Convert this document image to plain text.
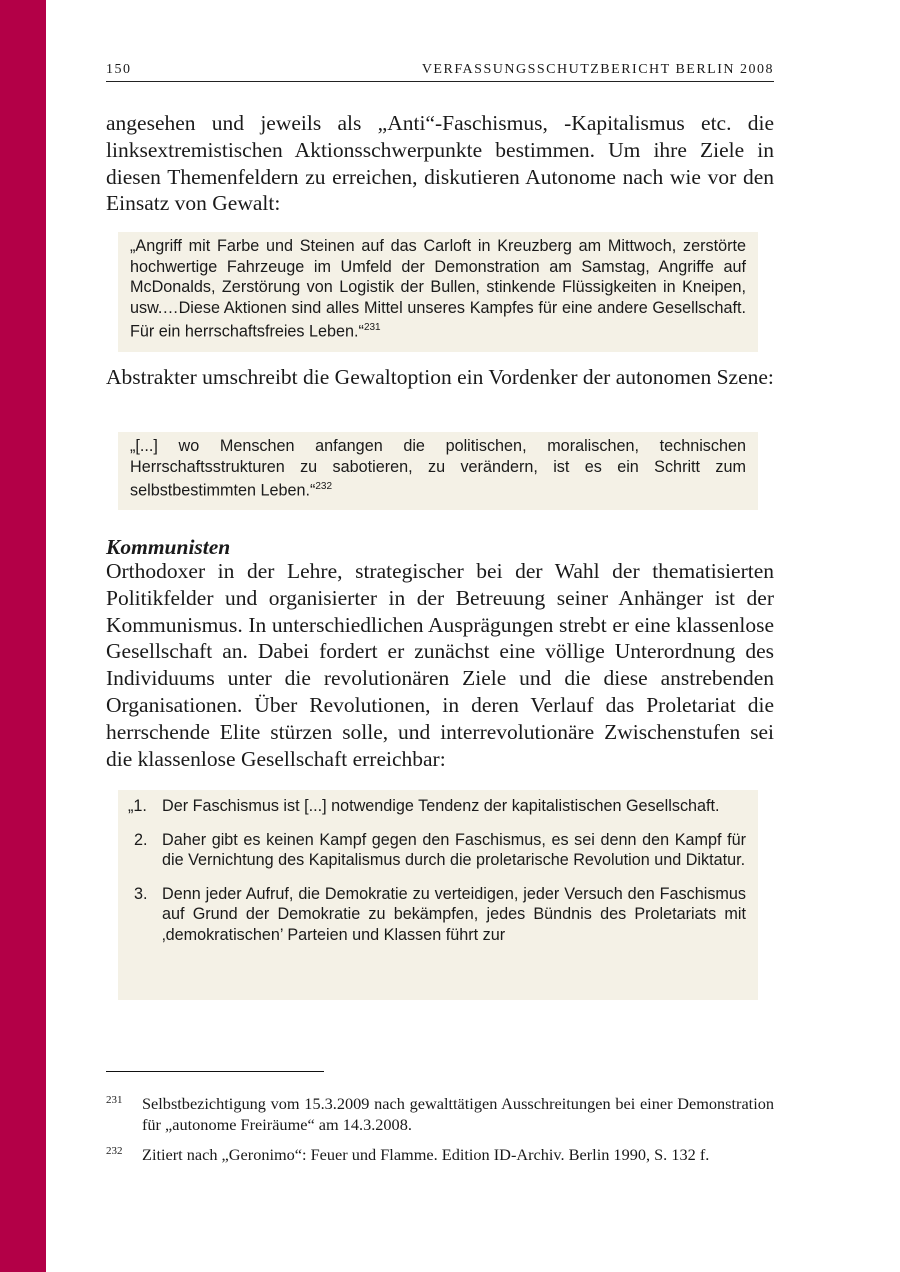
150	VERFASSUNGSSCHUTZBERICHT BERLIN 2008

angesehen und jeweils als „Anti“-Faschismus, -Kapitalismus etc. die linksextremistischen Aktionsschwerpunkte bestimmen. Um ihre Ziele in diesen Themenfeldern zu erreichen, diskutieren Autonome nach wie vor den Einsatz von Gewalt:

„Angriff mit Farbe und Steinen auf das Carloft in Kreuzberg am Mittwoch, zerstörte hochwertige Fahrzeuge im Umfeld der Demonstration am Samstag, Angriffe auf McDonalds, Zerstörung von Logistik der Bullen, stinkende Flüssigkeiten in Kneipen, usw.…Diese Aktionen sind alles Mittel unseres Kampfes für eine andere Gesellschaft. Für ein herrschaftsfreies Leben.“$^{231}$

Abstrakter umschreibt die Gewaltoption ein Vordenker der autonomen Szene:

„[...] wo Menschen anfangen die politischen, moralischen, technischen Herrschaftsstrukturen zu sabotieren, zu verändern, ist es ein Schritt zum selbstbestimmten Leben.“$^{232}$

Kommunisten

Orthodoxer in der Lehre, strategischer bei der Wahl der thematisierten Politikfelder und organisierter in der Betreuung seiner Anhänger ist der Kommunismus. In unterschiedlichen Ausprägungen strebt er eine klassenlose Gesellschaft an. Dabei fordert er zunächst eine völlige Unterordnung des Individuums unter die revolutionären Ziele und die diese anstrebenden Organisationen. Über Revolutionen, in deren Verlauf das Proletariat die herrschende Elite stürzen solle, und interrevolutionäre Zwischenstufen sei die klassenlose Gesellschaft erreichbar:

„1. Der Faschismus ist [...] notwendige Tendenz der kapitalistischen Gesellschaft.
2. Daher gibt es keinen Kampf gegen den Faschismus, es sei denn den Kampf für die Vernichtung des Kapitalismus durch die proletarische Revolution und Diktatur.
3. Denn jeder Aufruf, die Demokratie zu verteidigen, jeder Versuch den Faschismus auf Grund der Demokratie zu bekämpfen, jedes Bündnis des Proletariats mit ‚demokratischen’ Parteien und Klassen führt zur
231	Selbstbezichtigung vom 15.3.2009 nach gewalttätigen Ausschreitungen bei einer Demonstration für „autonome Freiräume“ am 14.3.2008.
232	Zitiert nach „Geronimo“: Feuer und Flamme. Edition ID-Archiv. Berlin 1990, S. 132 f.
